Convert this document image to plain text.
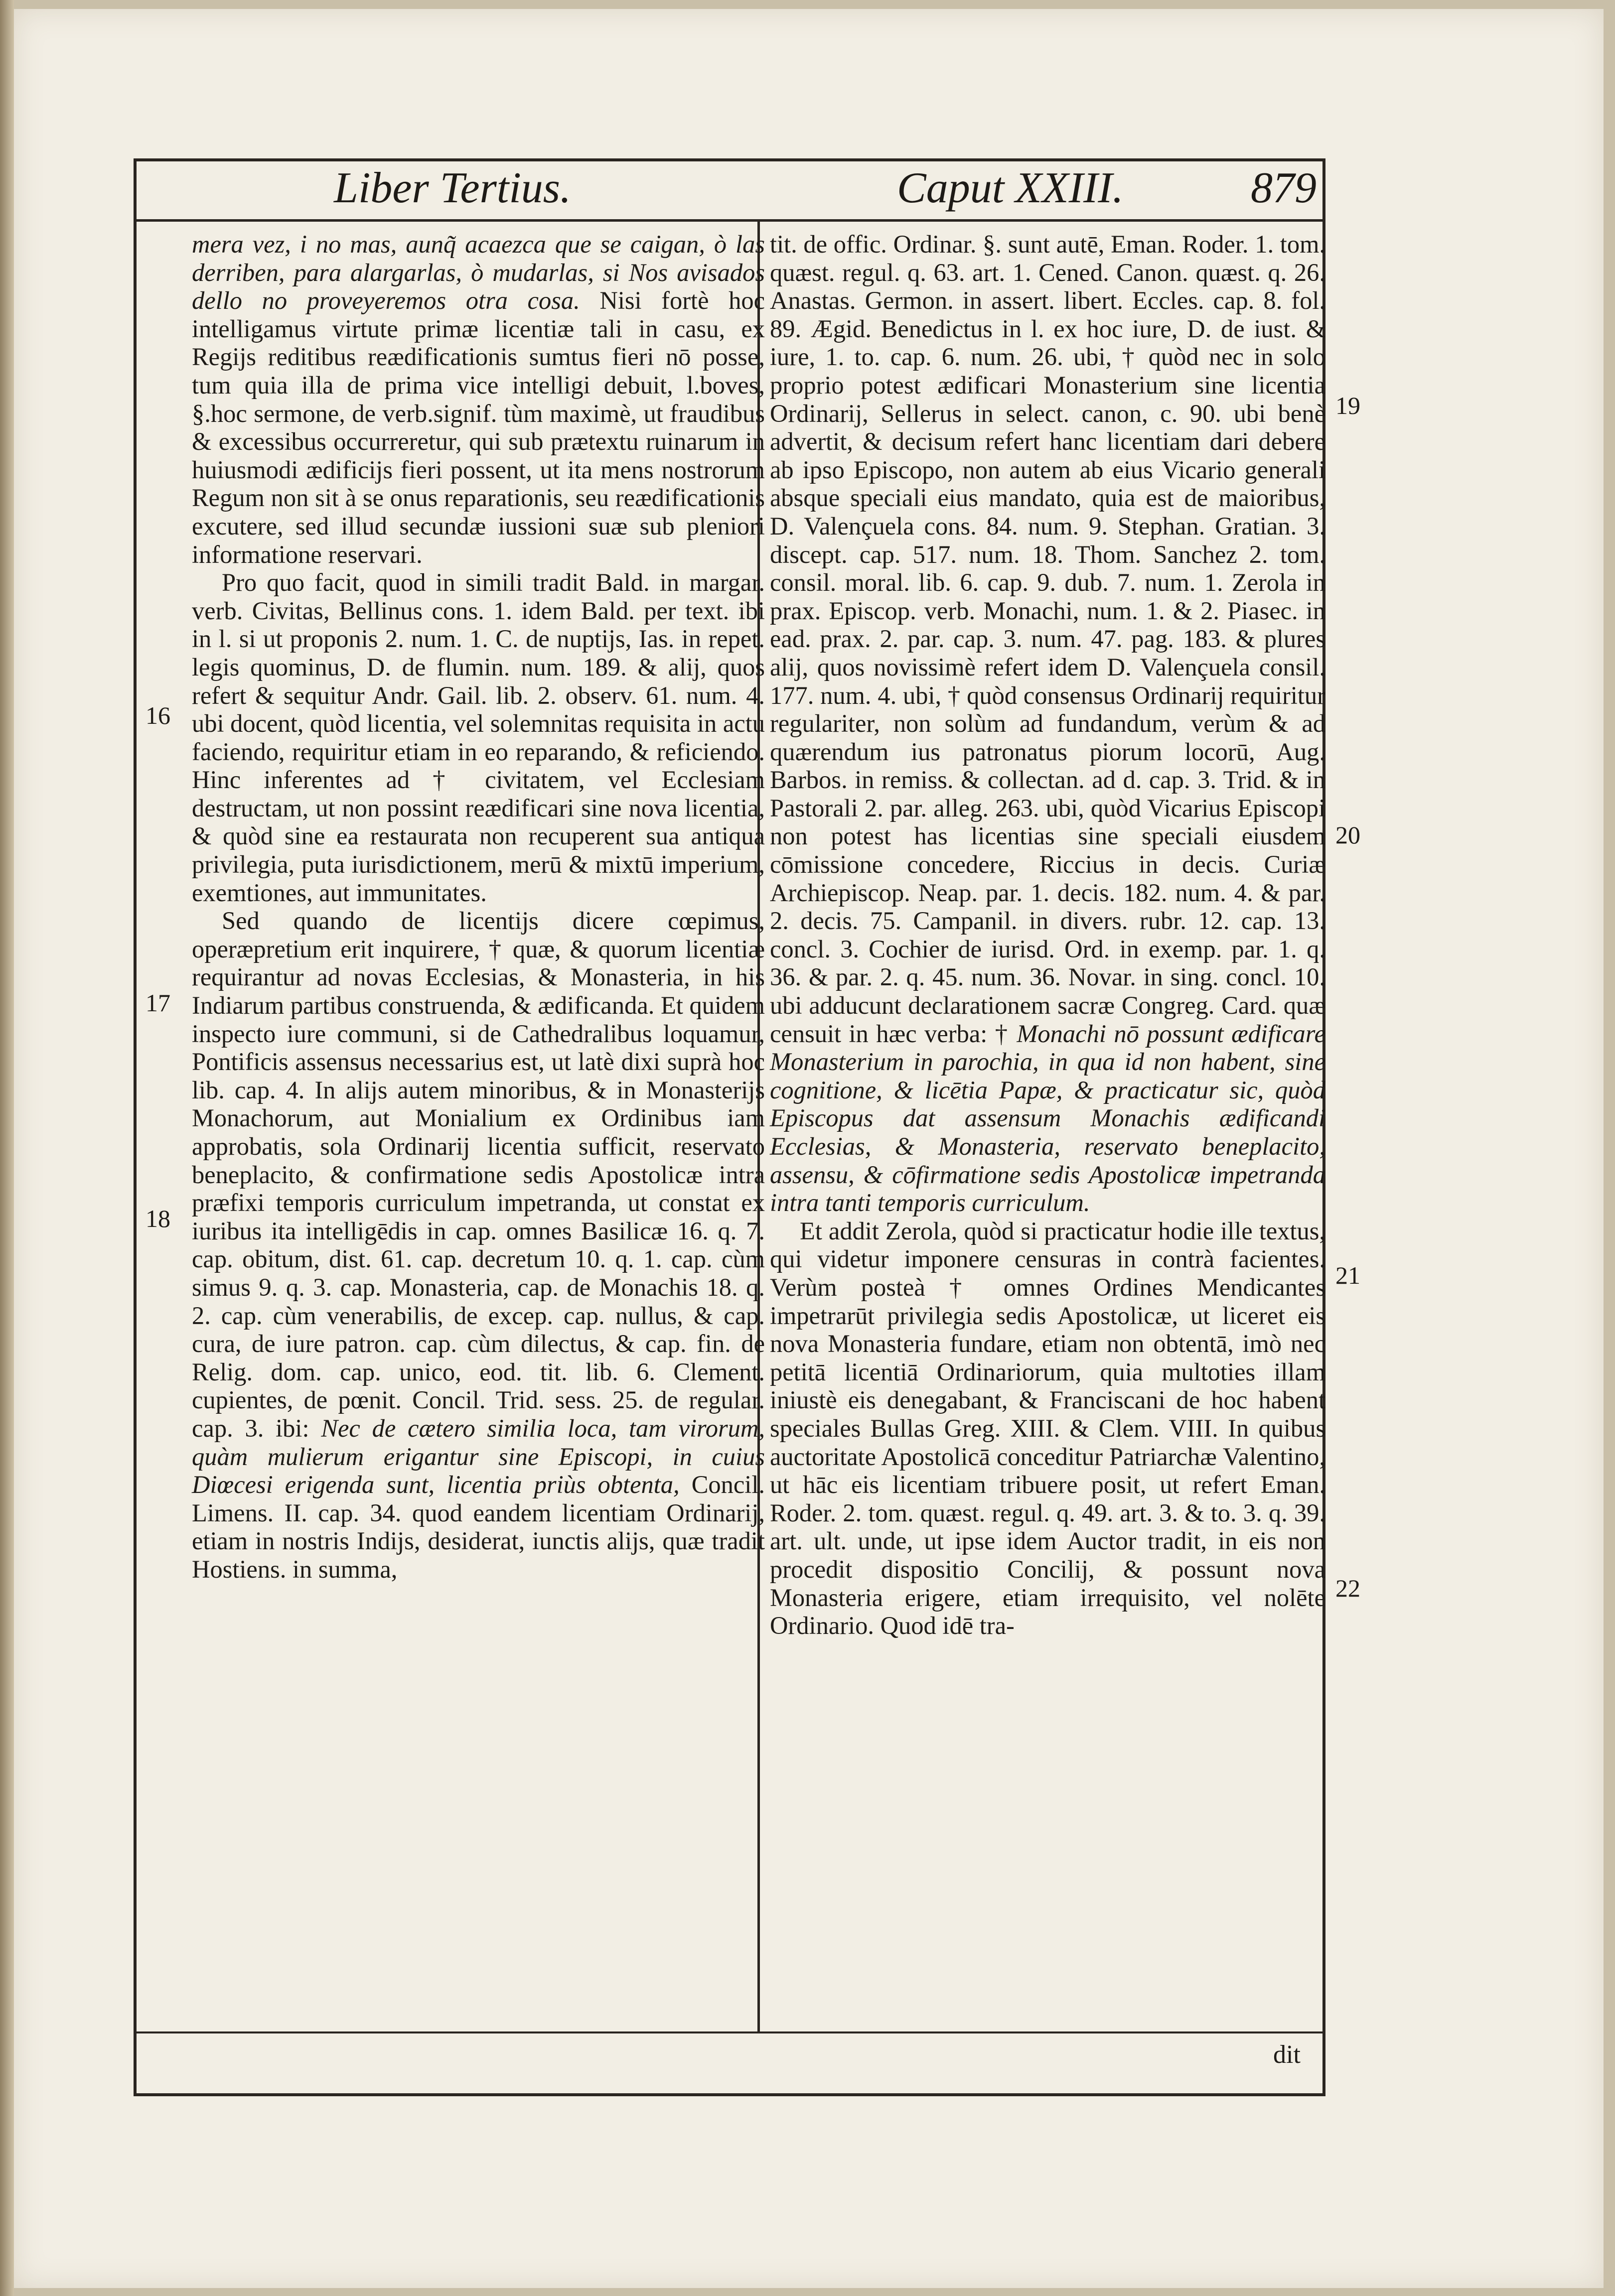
Liber Tertius.	Caput XXIII.	879

mera vez, i no mas, aunq̃ acaezca que se caigan, ò las derriben, para alargarlas, ò mudarlas, si Nos avisados dello no proveyeremos otra cosa. Nisi fortè hoc intelligamus virtute primæ licentiæ tali in casu, ex Regijs reditibus reædificationis sumtus fieri nō posse, tum quia illa de prima vice intelligi debuit, l.boves, §.hoc sermone, de verb.signif. tùm maximè, ut fraudibus & excessibus occurreretur, qui sub prætextu ruinarum in huiusmodi ædificijs fieri possent, ut ita mens nostrorum Regum non sit à se onus reparationis, seu reædificationis excutere, sed illud secundæ iussioni suæ sub pleniori informatione reservari.

Pro quo facit, quod in simili tradit Bald. in margar. verb. Civitas, Bellinus cons. 1. idem Bald. per text. ibi in l. si ut proponis 2. num. 1. C. de nuptijs, Ias. in repet. legis quominus, D. de flumin. num. 189. & alij, quos refert & sequitur Andr. Gail. lib. 2. observ. 61. num. 4. ubi docent, quòd licentia, vel solemnitas requisita in actu faciendo, requiritur etiam in eo reparando, & reficiendo. Hinc inferentes ad † civitatem, vel Ecclesiam destructam, ut non possint reædificari sine nova licentia, & quòd sine ea restaurata non recuperent sua antiqua privilegia, puta iurisdictionem, merū & mixtū imperium, exemtiones, aut immunitates.

Sed quando de licentijs dicere cœpimus, operæpretium erit inquirere, † quæ, & quorum licentiæ requirantur ad novas Ecclesias, & Monasteria, in his Indiarum partibus construenda, & ædificanda. Et quidem inspecto iure communi, si de Cathedralibus loquamur, Pontificis assensus necessarius est, ut latè dixi suprà hoc lib. cap. 4. In alijs autem minoribus, & in Monasterijs Monachorum, aut Monialium ex Ordinibus iam approbatis, sola Ordinarij licentia sufficit, reservato beneplacito, & confirmatione sedis Apostolicæ intra præfixi temporis curriculum impetranda, ut constat ex iuribus ita intelligēdis in cap. omnes Basilicæ 16. q. 7. cap. obitum, dist. 61. cap. decretum 10. q. 1. cap. cùm simus 9. q. 3. cap. Monasteria, cap. de Monachis 18. q. 2. cap. cùm venerabilis, de excep. cap. nullus, & cap. cura, de iure patron. cap. cùm dilectus, & cap. fin. de Relig. dom. cap. unico, eod. tit. lib. 6. Clement. cupientes, de pœnit. Concil. Trid. sess. 25. de regular. cap. 3. ibi: Nec de cætero similia loca, tam virorum, quàm mulierum erigantur sine Episcopi, in cuius Diœcesi erigenda sunt, licentia priùs obtenta, Concil. Limens. II. cap. 34. quod eandem licentiam Ordinarij, etiam in nostris Indijs, desiderat, iunctis alijs, quæ tradit Hostiens. in summa,

tit. de offic. Ordinar. §. sunt autē, Eman. Roder. 1. tom. quæst. regul. q. 63. art. 1. Cened. Canon. quæst. q. 26. Anastas. Germon. in assert. libert. Eccles. cap. 8. fol. 89. Ægid. Benedictus in l. ex hoc iure, D. de iust. & iure, 1. to. cap. 6. num. 26. ubi, † quòd nec in solo proprio potest ædificari Monasterium sine licentia Ordinarij, Sellerus in select. canon, c. 90. ubi benè advertit, & decisum refert hanc licentiam dari debere ab ipso Episcopo, non autem ab eius Vicario generali absque speciali eius mandato, quia est de maioribus, D. Valençuela cons. 84. num. 9. Stephan. Gratian. 3. discept. cap. 517. num. 18. Thom. Sanchez 2. tom. consil. moral. lib. 6. cap. 9. dub. 7. num. 1. Zerola in prax. Episcop. verb. Monachi, num. 1. & 2. Piasec. in ead. prax. 2. par. cap. 3. num. 47. pag. 183. & plures alij, quos novissimè refert idem D. Valençuela consil. 177. num. 4. ubi, † quòd consensus Ordinarij requiritur regulariter, non solùm ad fundandum, verùm & ad quærendum ius patronatus piorum locorū, Aug. Barbos. in remiss. & collectan. ad d. cap. 3. Trid. & in Pastorali 2. par. alleg. 263. ubi, quòd Vicarius Episcopi non potest has licentias sine speciali eiusdem cōmissione concedere, Riccius in decis. Curiæ Archiepiscop. Neap. par. 1. decis. 182. num. 4. & par. 2. decis. 75. Campanil. in divers. rubr. 12. cap. 13. concl. 3. Cochier de iurisd. Ord. in exemp. par. 1. q. 36. & par. 2. q. 45. num. 36. Novar. in sing. concl. 10. ubi adducunt declarationem sacræ Congreg. Card. quæ censuit in hæc verba: † Monachi nō possunt ædificare Monasterium in parochia, in qua id non habent, sine cognitione, & licētia Papæ, & practicatur sic, quòd Episcopus dat assensum Monachis ædificandi Ecclesias, & Monasteria, reservato beneplacito, assensu, & cōfirmatione sedis Apostolicæ impetranda intra tanti temporis curriculum.

Et addit Zerola, quòd si practicatur hodie ille textus, qui videtur imponere censuras in contrà facientes. Verùm posteà † omnes Ordines Mendicantes impetrarūt privilegia sedis Apostolicæ, ut liceret eis nova Monasteria fundare, etiam non obtentā, imò nec petitā licentiā Ordinariorum, quia multoties illam iniustè eis denegabant, & Franciscani de hoc habent speciales Bullas Greg. XIII. & Clem. VIII. In quibus auctoritate Apostolicā conceditur Patriarchæ Valentino, ut hāc eis licentiam tribuere posit, ut refert Eman. Roder. 2. tom. quæst. regul. q. 49. art. 3. & to. 3. q. 39. art. ult. unde, ut ipse idem Auctor tradit, in eis non procedit dispositio Concilij, & possunt nova Monasteria erigere, etiam irrequisito, vel nolēte Ordinario. Quod idē tra-

16
17
18
19
20
21
22
dit
